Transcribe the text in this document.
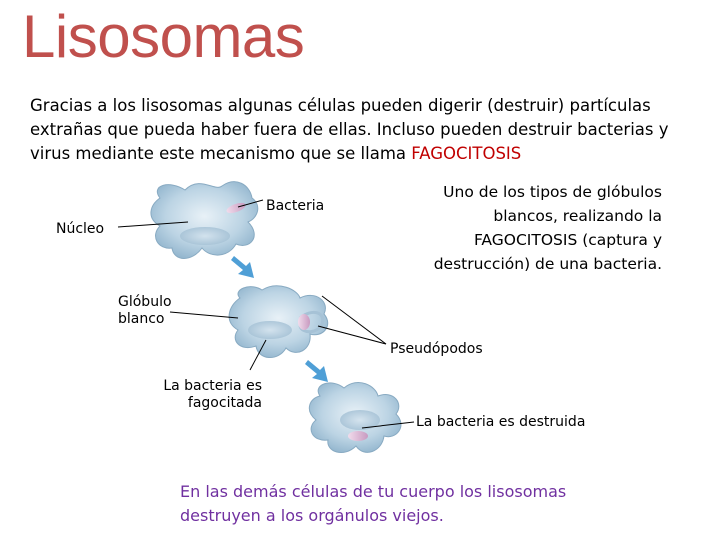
Lisosomas
Gracias a los lisosomas algunas células pueden digerir (destruir) partículas extrañas que pueda haber fuera de ellas. Incluso pueden destruir bacterias y virus mediante este mecanismo que se llama FAGOCITOSIS
Bacteria
Núcleo
Glóbulo
blanco
Pseudópodos
La bacteria es
fagocitada
La bacteria es destruida
Uno de los tipos de glóbulos
blancos, realizando la
FAGOCITOSIS (captura y
destrucción) de una bacteria.
En las demás células de tu cuerpo los lisosomas
destruyen a los orgánulos viejos.
